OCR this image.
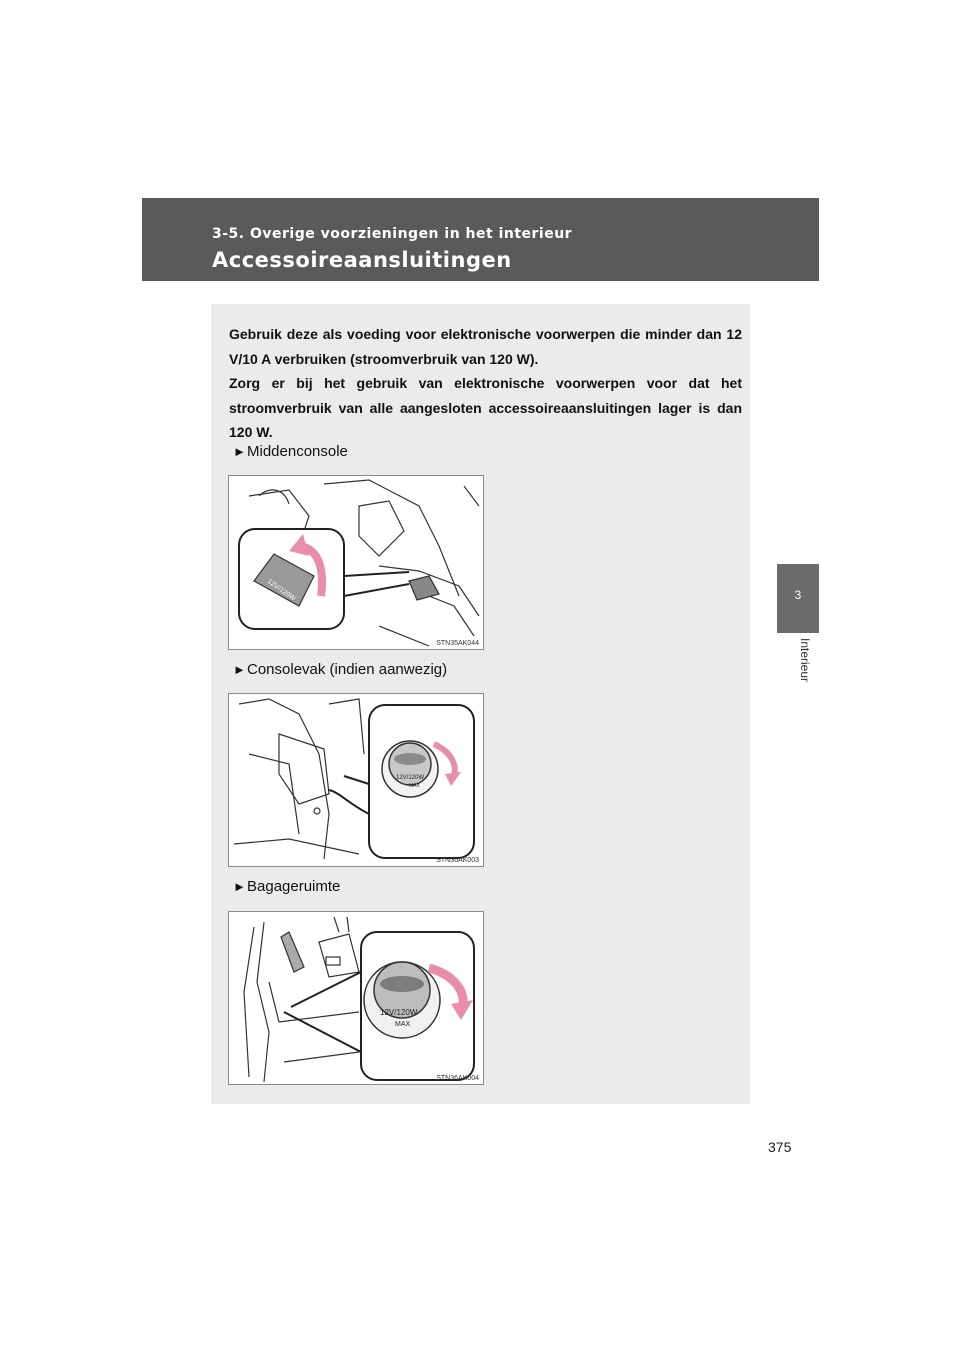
3-5. Overige voorzieningen in het interieur
Accessoireaansluitingen
3
Interieur

Gebruik deze als voeding voor elektronische voorwerpen die minder dan 12 V/10 A verbruiken (stroomverbruik van 120 W).

Zorg er bij het gebruik van elektronische voorwerpen voor dat het stroomverbruik van alle aangesloten accessoireaansluitingen lager is dan 120 W.

►Middenconsole
12V/120W
STN35AK044
►Consolevak (indien aanwezig)
12V/120W
MAX
STN36AK003
►Bagageruimte
12V/120W
MAX
STN36AK004
375
